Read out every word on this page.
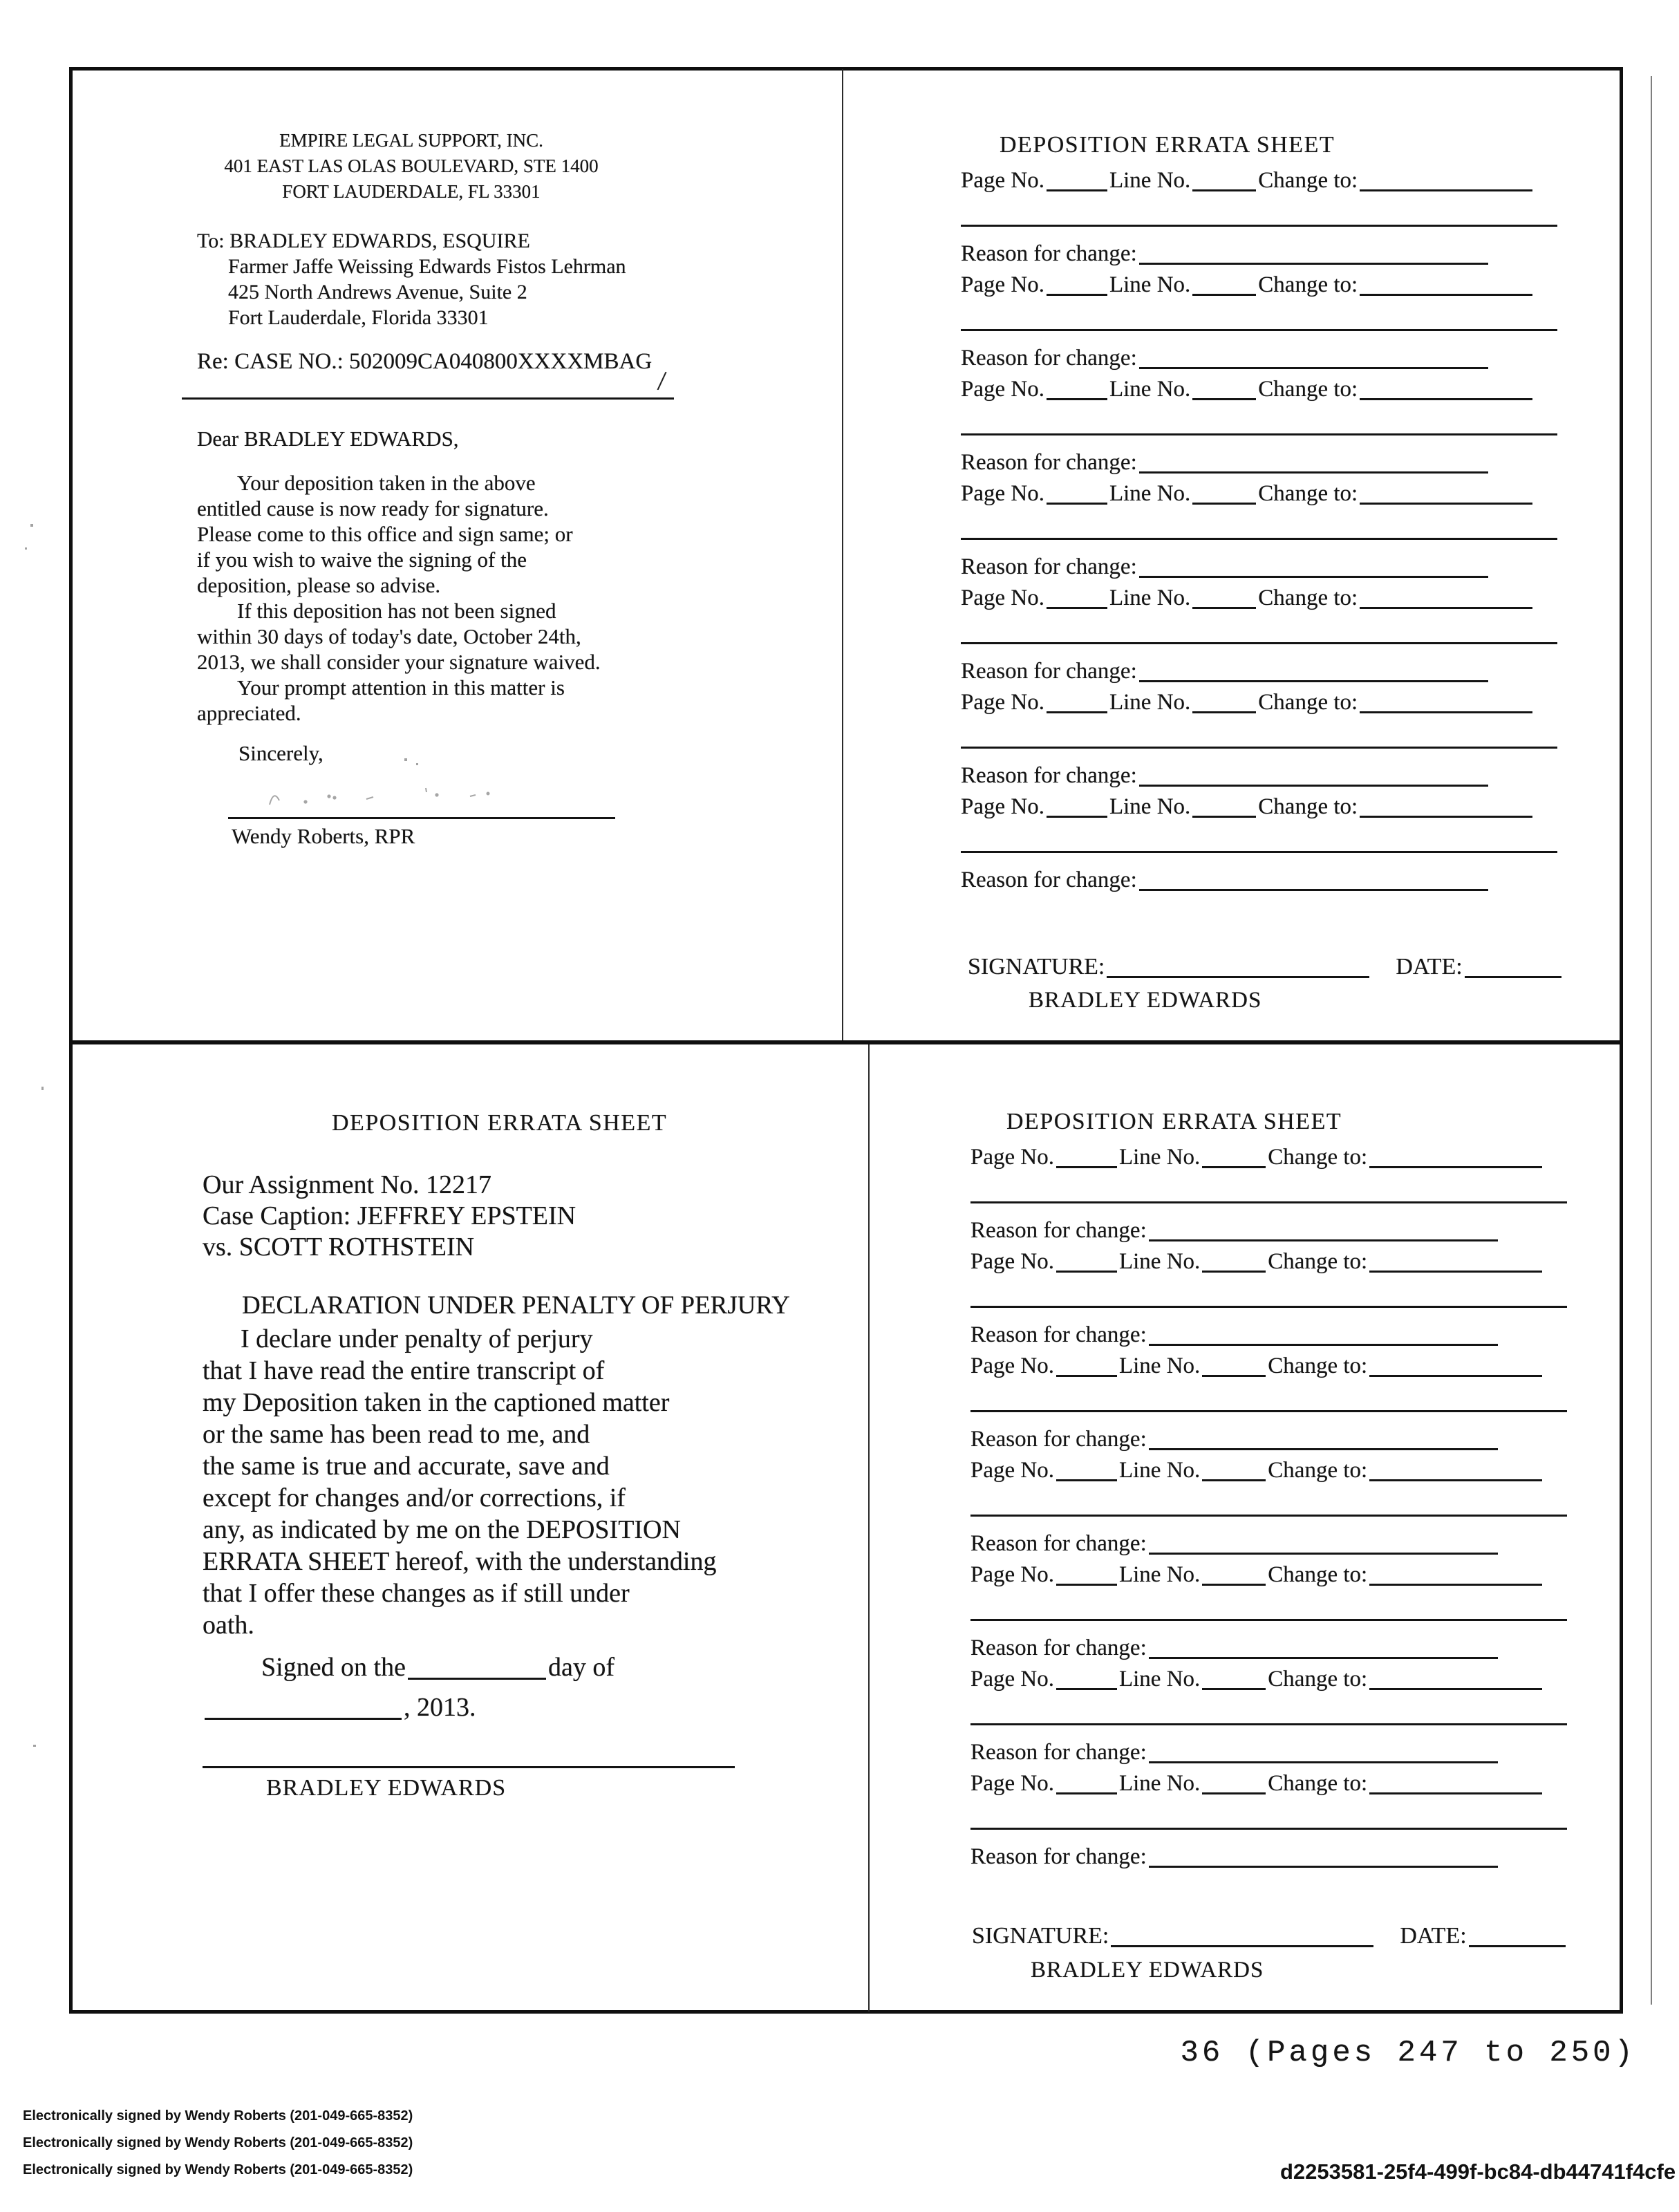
EMPIRE LEGAL SUPPORT, INC.
401 EAST LAS OLAS BOULEVARD, STE 1400
FORT LAUDERDALE, FL 33301
To: BRADLEY EDWARDS, ESQUIRE
Farmer Jaffe Weissing Edwards Fistos Lehrman
425 North Andrews Avenue, Suite 2
Fort Lauderdale, Florida 33301
Re: CASE NO.: 502009CA040800XXXXMBAG
/
Dear BRADLEY EDWARDS,
Your deposition taken in the above
entitled cause is now ready for signature.
Please come to this office and sign same; or
if you wish to waive the signing of the
deposition, please so advise.
If this deposition has not been signed
within 30 days of today's date, October 24th,
2013, we shall consider your signature waived.
Your prompt attention in this matter is
appreciated.
Sincerely,
Wendy Roberts, RPR
DEPOSITION ERRATA SHEET
Page No.	Line No.	Change to:
Reason for change:
Page No.	Line No.	Change to:
Reason for change:
Page No.	Line No.	Change to:
Reason for change:
Page No.	Line No.	Change to:
Reason for change:
Page No.	Line No.	Change to:
Reason for change:
Page No.	Line No.	Change to:
Reason for change:
Page No.	Line No.	Change to:
Reason for change:
SIGNATURE:	DATE:
BRADLEY EDWARDS
DEPOSITION ERRATA SHEET
Our Assignment No. 12217
Case Caption: JEFFREY EPSTEIN
vs. SCOTT ROTHSTEIN
DECLARATION UNDER PENALTY OF PERJURY
I declare under penalty of perjury
that I have read the entire transcript of
my Deposition taken in the captioned matter
or the same has been read to me, and
the same is true and accurate, save and
except for changes and/or corrections, if
any, as indicated by me on the DEPOSITION
ERRATA SHEET hereof, with the understanding
that I offer these changes as if still under
oath.
Signed on the	day of
, 2013.
BRADLEY EDWARDS
DEPOSITION ERRATA SHEET
Page No.	Line No.	Change to:
Reason for change:
Page No.	Line No.	Change to:
Reason for change:
Page No.	Line No.	Change to:
Reason for change:
Page No.	Line No.	Change to:
Reason for change:
Page No.	Line No.	Change to:
Reason for change:
Page No.	Line No.	Change to:
Reason for change:
Page No.	Line No.	Change to:
Reason for change:
SIGNATURE:	DATE:
BRADLEY EDWARDS
36 (Pages 247 to 250)
Electronically signed by Wendy Roberts (201-049-665-8352)
Electronically signed by Wendy Roberts (201-049-665-8352)
Electronically signed by Wendy Roberts (201-049-665-8352)	d2253581-25f4-499f-bc84-db44741f4cfe
